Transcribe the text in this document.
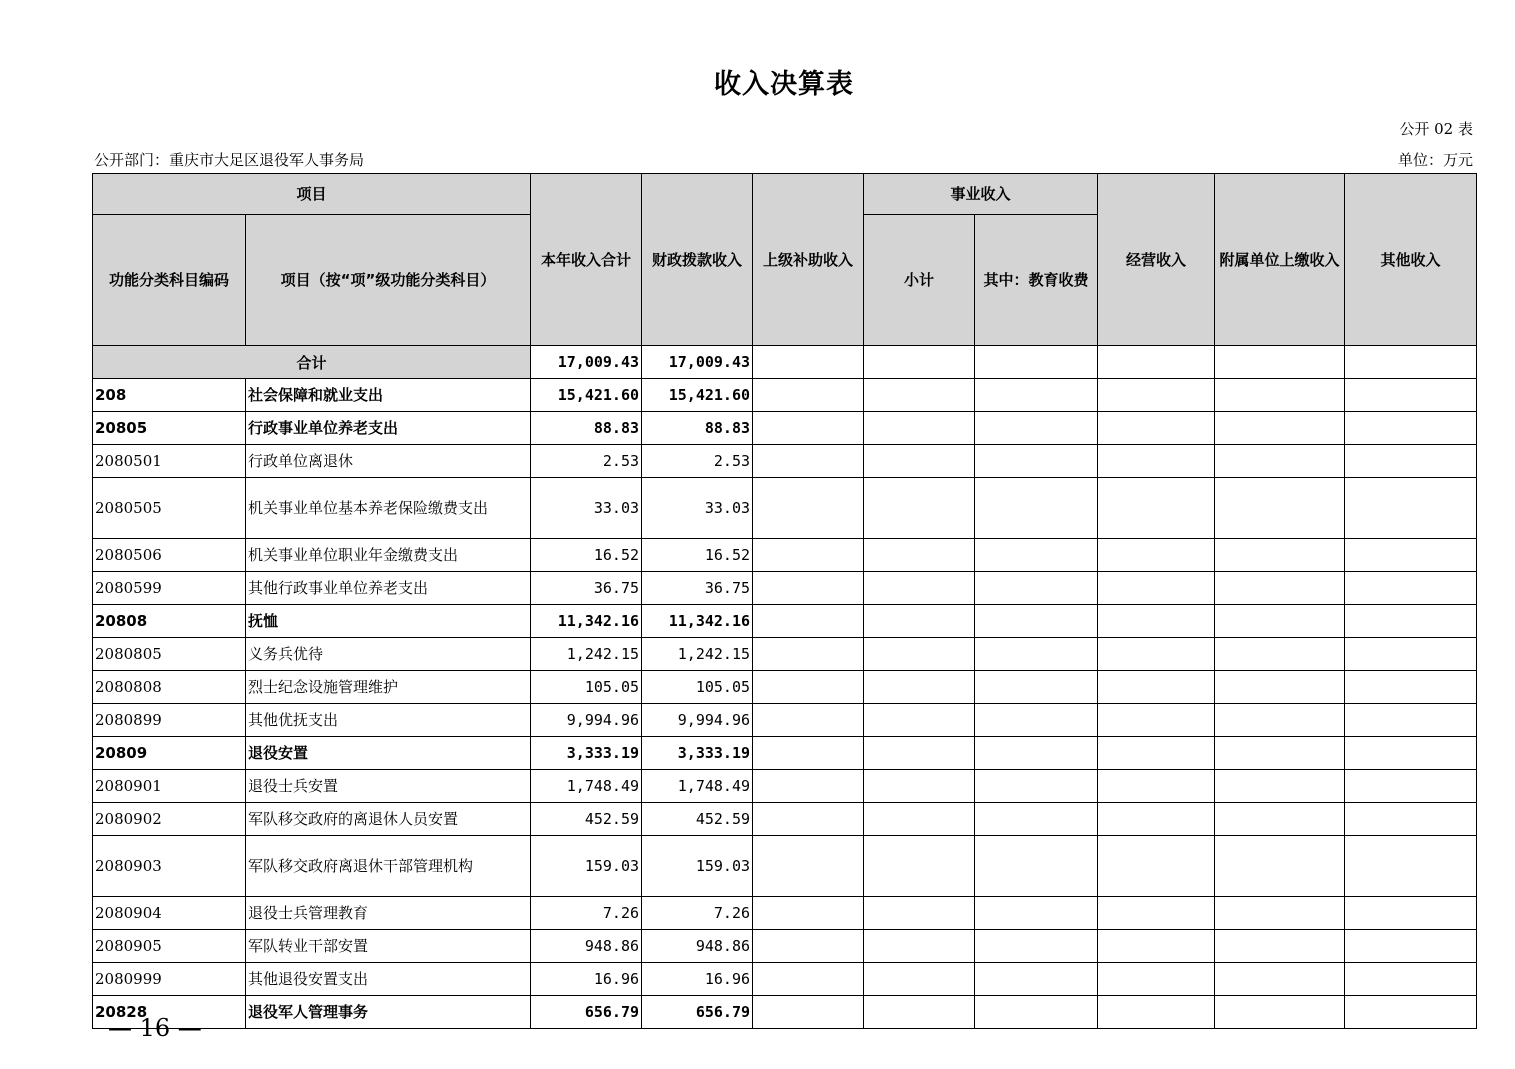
收入决算表
公开 02 表
公开部门：重庆市大足区退役军人事务局	单位：万元
项目		本年收入合计	财政拨款收入	上级补助收入	事业收入		经营收入	附属单位上缴收入	其他收入
功能分类科目编码	项目（按“项”级功能分类科目）				小计	其中：教育收费			
合计		17,009.43	17,009.43						
208	社会保障和就业支出	15,421.60	15,421.60						
20805	行政事业单位养老支出	88.83	88.83						
2080501	行政单位离退休	2.53	2.53						
2080505	机关事业单位基本养老保险缴费支出	33.03	33.03						
2080506	机关事业单位职业年金缴费支出	16.52	16.52						
2080599	其他行政事业单位养老支出	36.75	36.75						
20808	抚恤	11,342.16	11,342.16						
2080805	义务兵优待	1,242.15	1,242.15						
2080808	烈士纪念设施管理维护	105.05	105.05						
2080899	其他优抚支出	9,994.96	9,994.96						
20809	退役安置	3,333.19	3,333.19						
2080901	退役士兵安置	1,748.49	1,748.49						
2080902	军队移交政府的离退休人员安置	452.59	452.59						
2080903	军队移交政府离退休干部管理机构	159.03	159.03						
2080904	退役士兵管理教育	7.26	7.26						
2080905	军队转业干部安置	948.86	948.86						
2080999	其他退役安置支出	16.96	16.96						
20828	退役军人管理事务	656.79	656.79						
— 16 —
